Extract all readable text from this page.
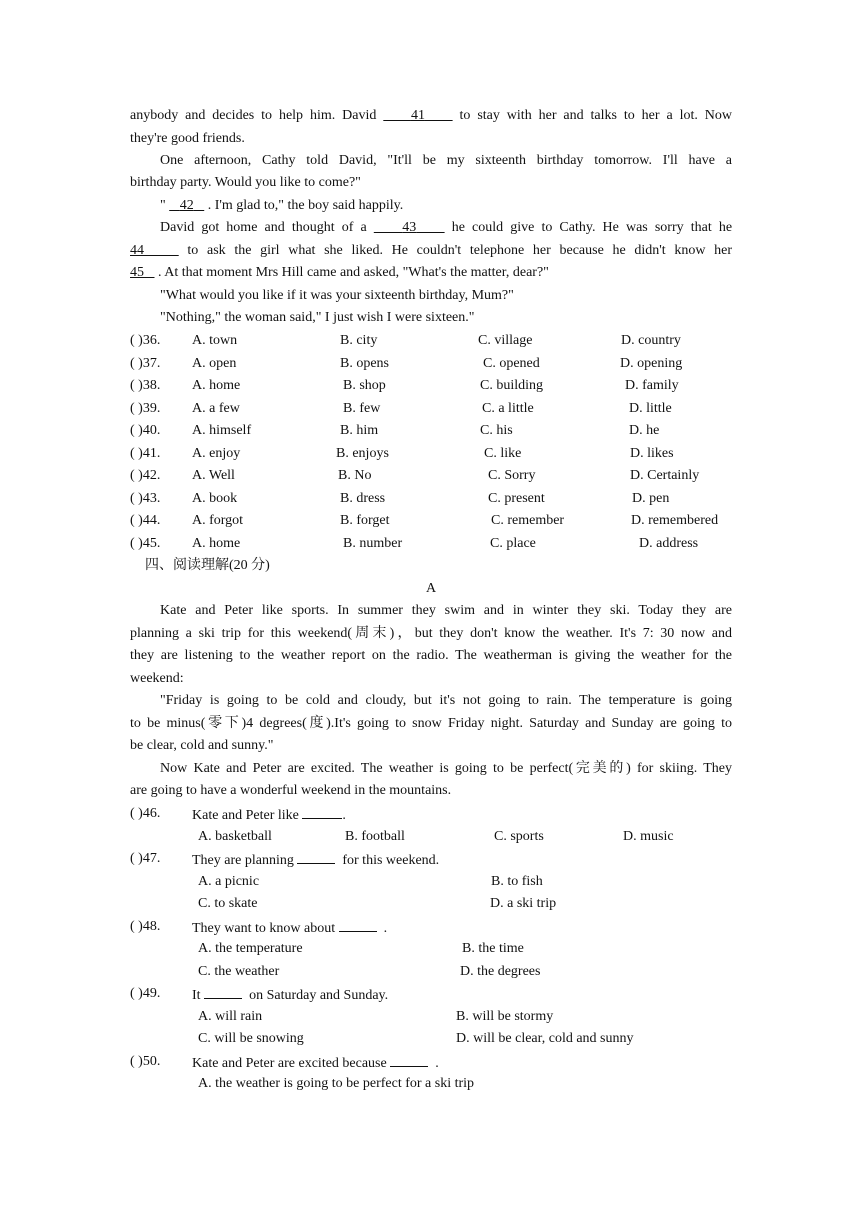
anybody and decides to help him. David 41 to stay with her and talks to her a lot. Now
they're good friends.
One afternoon, Cathy told David, "It'll be my sixteenth birthday tomorrow. I'll have a
birthday party. Would you like to come?"
" 42 . I'm glad to," the boy said happily.
David got home and thought of a	43	he could give to Cathy. He was sorry that he
44	to ask the girl what she liked. He couldn't telephone her because he didn't know her
45 . At that moment Mrs Hill came and asked, "What's the matter, dear?"
"What would you like if it was your sixteenth birthday, Mum?"
"Nothing," the woman said," I just wish I were sixteen."
( )36. A. town	B. city	C. village	D. country
( )37. A. open	B. opens	C. opened	D. opening
( )38. A. home	B. shop	C. building	D. family
( )39. A. a few	B. few	C. a little	D. little
( )40. A. himself	B. him	C. his	D. he
( )41. A. enjoy	B. enjoys	C. like	D. likes
( )42. A. Well	B. No	C. Sorry	D. Certainly
( )43. A. book	B. dress	C. present	D. pen
( )44. A. forgot	B. forget	C. remember	D. remembered
( )45. A. home	B. number	C. place	D. address
四、阅读理解(20 分)
A
Kate and Peter like sports. In summer they swim and in winter they ski. Today they are
planning a ski trip for this weekend(周末)，but they don't know the weather. It's 7: 30 now and
they are listening to the weather report on the radio. The weatherman is giving the weather for the
weekend:
"Friday is going to be cold and cloudy, but it's not going to rain. The temperature is going
to be minus(零下)4 degrees(度).It's going to snow Friday night. Saturday and Sunday are going to
be clear, cold and sunny."
Now Kate and Peter are excited. The weather is going to be perfect(完美的) for skiing. They
are going to have a wonderful weekend in the mountains.
( )46. Kate and Peter like	.
A. basketball	B. football	C. sports	D. music
( )47. They are planning	for this weekend.
A. a picnic	B. to fish
C. to skate	D. a ski trip
( )48. They want to know about	.
A. the temperature	B. the time
C. the weather	D. the degrees
( )49. It	on Saturday and Sunday.
A. will rain	B. will be stormy
C. will be snowing	D. will be clear, cold and sunny
( )50. Kate and Peter are excited because	.
A. the weather is going to be perfect for a ski trip
